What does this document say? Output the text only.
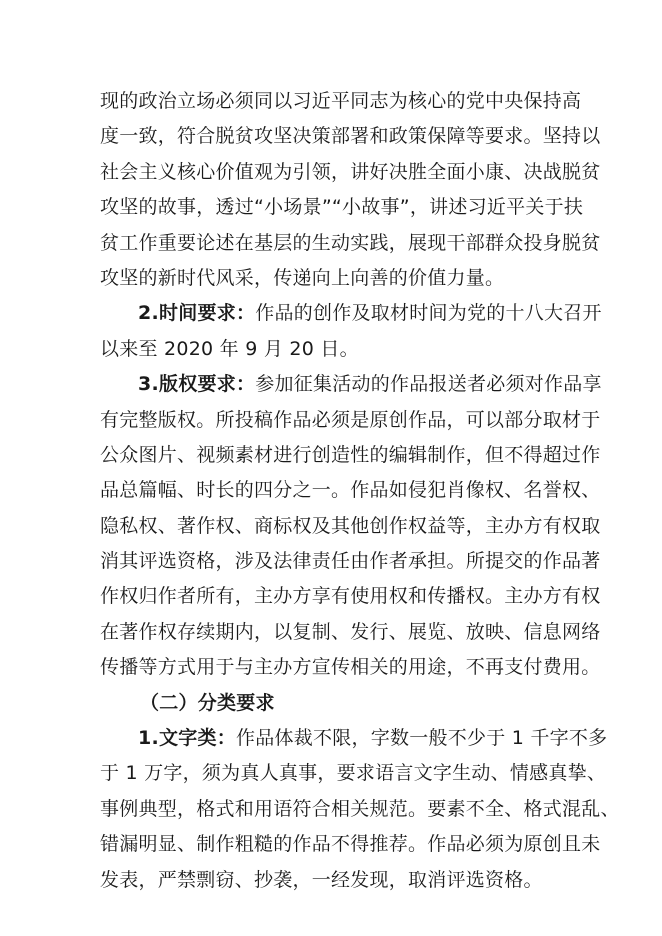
现的政治立场必须同以习近平同志为核心的党中央保持高
度一致，符合脱贫攻坚决策部署和政策保障等要求。坚持以
社会主义核心价值观为引领，讲好决胜全面小康、决战脱贫
攻坚的故事，透过“小场景”“小故事”，讲述习近平关于扶
贫工作重要论述在基层的生动实践，展现干部群众投身脱贫
攻坚的新时代风采，传递向上向善的价值力量。
2.时间要求：作品的创作及取材时间为党的十八大召开
以来至 2020 年 9 月 20 日。
3.版权要求：参加征集活动的作品报送者必须对作品享
有完整版权。所投稿作品必须是原创作品，可以部分取材于
公众图片、视频素材进行创造性的编辑制作，但不得超过作
品总篇幅、时长的四分之一。作品如侵犯肖像权、名誉权、
隐私权、著作权、商标权及其他创作权益等，主办方有权取
消其评选资格，涉及法律责任由作者承担。所提交的作品著
作权归作者所有，主办方享有使用权和传播权。主办方有权
在著作权存续期内，以复制、发行、展览、放映、信息网络
传播等方式用于与主办方宣传相关的用途，不再支付费用。
（二）分类要求
1.文字类：作品体裁不限，字数一般不少于 1 千字不多
于 1 万字，须为真人真事，要求语言文字生动、情感真挚、
事例典型，格式和用语符合相关规范。要素不全、格式混乱、
错漏明显、制作粗糙的作品不得推荐。作品必须为原创且未
发表，严禁剽窃、抄袭，一经发现，取消评选资格。
